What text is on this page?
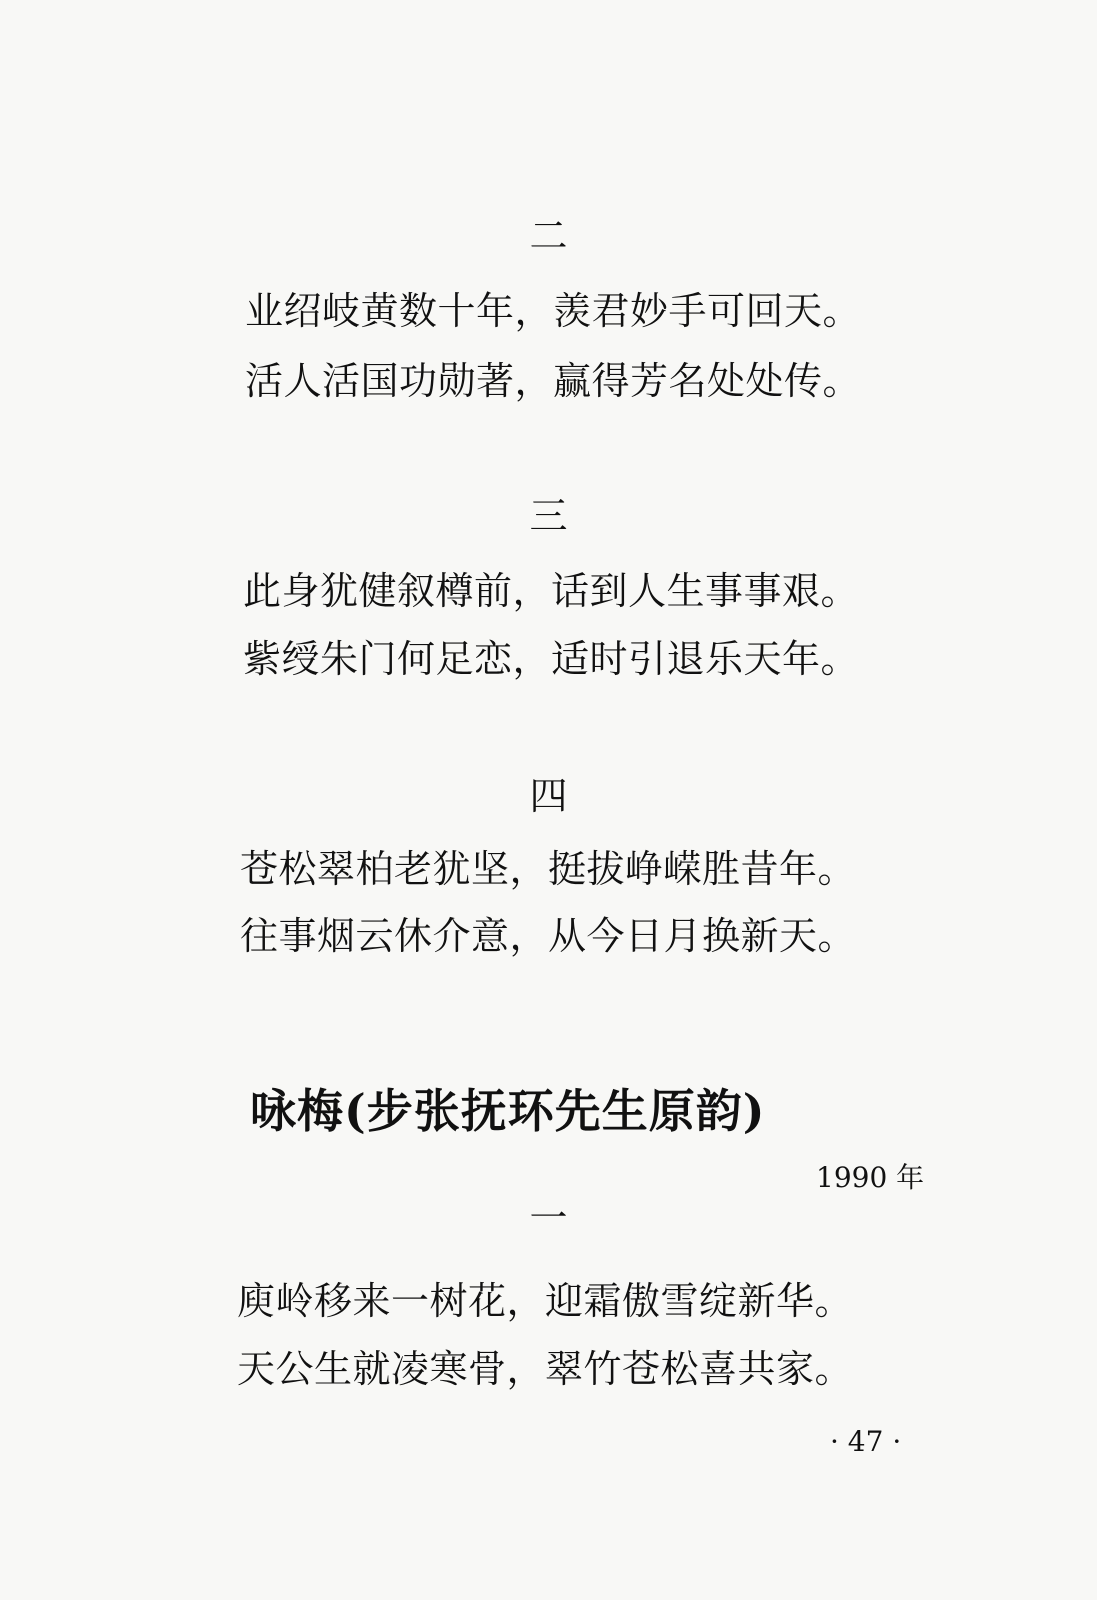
二
业绍岐黄数十年，羡君妙手可回天。
活人活国功勋著，赢得芳名处处传。
三
此身犹健叙樽前，话到人生事事艰。
紫绶朱门何足恋，适时引退乐天年。
四
苍松翠柏老犹坚，挺拔峥嵘胜昔年。
往事烟云休介意，从今日月换新天。
咏梅(步张抚环先生原韵)
1990 年
一
庾岭移来一树花，迎霜傲雪绽新华。
天公生就凌寒骨，翠竹苍松喜共家。
· 47 ·
